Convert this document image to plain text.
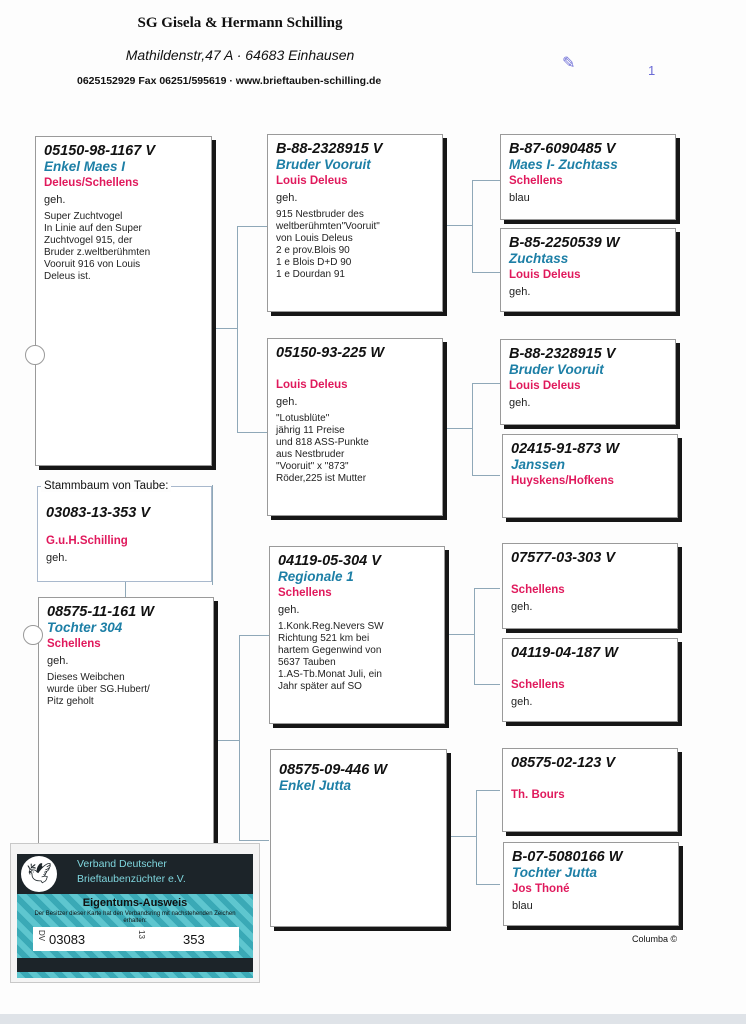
SG Gisela & Hermann Schilling
Mathildenstr,47 A · 64683 Einhausen
0625152929 Fax 06251/595619 · www.brieftauben-schilling.de
✎	1
05150-98-1167 V
Enkel Maes I
Deleus/Schellens
geh.
Super Zuchtvogel
In Linie auf den Super
Zuchtvogel 915, der
Bruder z.weltberühmten
Vooruit 916 von Louis
Deleus ist.
03083-13-353 V
G.u.H.Schilling
geh.
Stammbaum von Taube:
08575-11-161 W
Tochter 304
Schellens
geh.
Dieses Weibchen
wurde über SG.Hubert/
Pitz geholt
B-88-2328915 V
Bruder Vooruit
Louis Deleus
geh.
915 Nestbruder des
weltberühmten"Vooruit"
von Louis Deleus
2 e prov.Blois 90
1 e Blois D+D 90
1 e Dourdan 91
05150-93-225 W
Louis Deleus
geh.
"Lotusblüte"
jährig 11 Preise
und 818 ASS-Punkte
aus Nestbruder
"Vooruit" x "873"
Röder,225 ist Mutter
04119-05-304 V
Regionale 1
Schellens
geh.
1.Konk.Reg.Nevers SW
Richtung 521 km bei
hartem Gegenwind von
5637 Tauben
1.AS-Tb.Monat Juli, ein
Jahr später auf SO
08575-09-446 W
Enkel Jutta
B-87-6090485 V
Maes I- Zuchtass
Schellens
blau
B-85-2250539 W
Zuchtass
Louis Deleus
geh.
B-88-2328915 V
Bruder Vooruit
Louis Deleus
geh.
02415-91-873 W
Janssen
Huyskens/Hofkens
07577-03-303 V
Schellens
geh.
04119-04-187 W
Schellens
geh.
08575-02-123 V
Th. Bours
B-07-5080166 W
Tochter Jutta
Jos Thoné
blau
🕊	Verband Deutscher
Brieftaubenzüchter e.V.
Eigentums-Ausweis
Der Besitzer dieser Karte hat den Verbandsring mit nachstehenden Zeichen erhalten:
DV 03083	13	353	Columba ©
